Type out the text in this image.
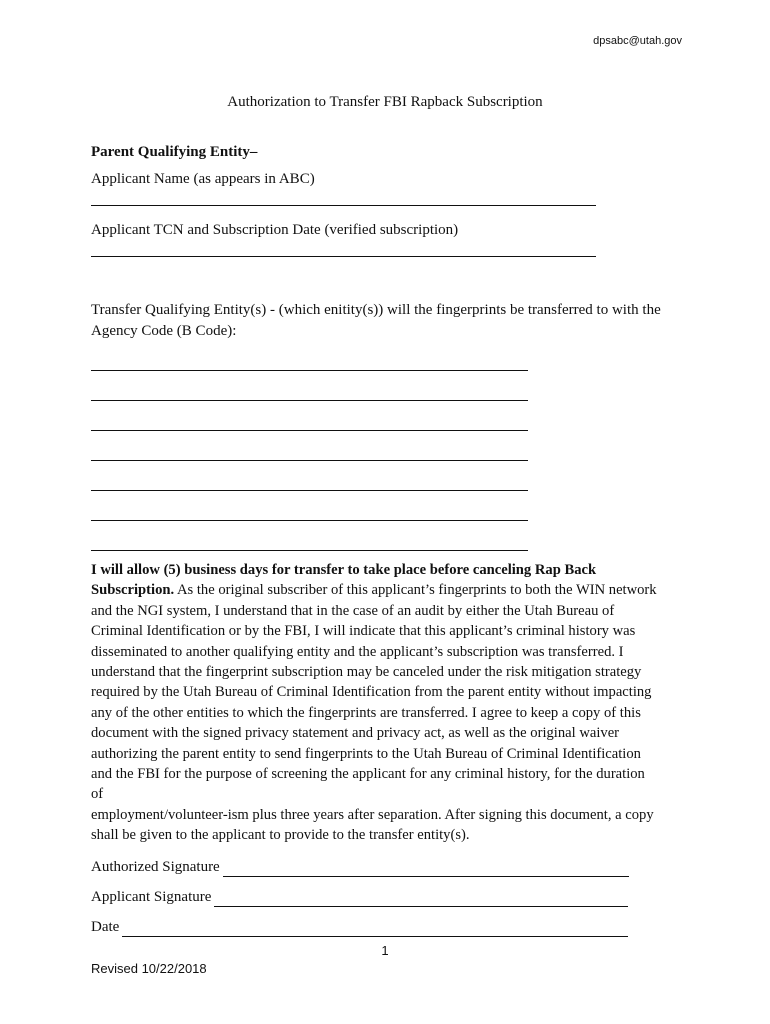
dpsabc@utah.gov
Authorization to Transfer FBI Rapback Subscription
Parent Qualifying Entity–
Applicant Name (as appears in ABC)
Applicant TCN and Subscription Date (verified subscription)
Transfer Qualifying Entity(s) - (which enitity(s)) will the fingerprints be transferred to with the
Agency Code (B Code):

I will allow (5) business days for transfer to take place before canceling Rap Back

Subscription. As the original subscriber of this applicant’s fingerprints to both the WIN network

and the NGI system, I understand that in the case of an audit by either the Utah Bureau of

Criminal Identification or by the FBI, I will indicate that this applicant’s criminal history was

disseminated to another qualifying entity and the applicant’s subscription was transferred. I

understand that the fingerprint subscription may be canceled under the risk mitigation strategy

required by the Utah Bureau of Criminal Identification from the parent entity without impacting

any of the other entities to which the fingerprints are transferred. I agree to keep a copy of this

document with the signed privacy statement and privacy act, as well as the original waiver

authorizing the parent entity to send fingerprints to the Utah Bureau of Criminal Identification

and the FBI for the purpose of screening the applicant for any criminal history, for the duration

of

employment/volunteer-ism plus three years after separation. After signing this document, a copy

shall be given to the applicant to provide to the transfer entity(s).

Authorized Signature
Applicant Signature
Date
1
Revised 10/22/2018
